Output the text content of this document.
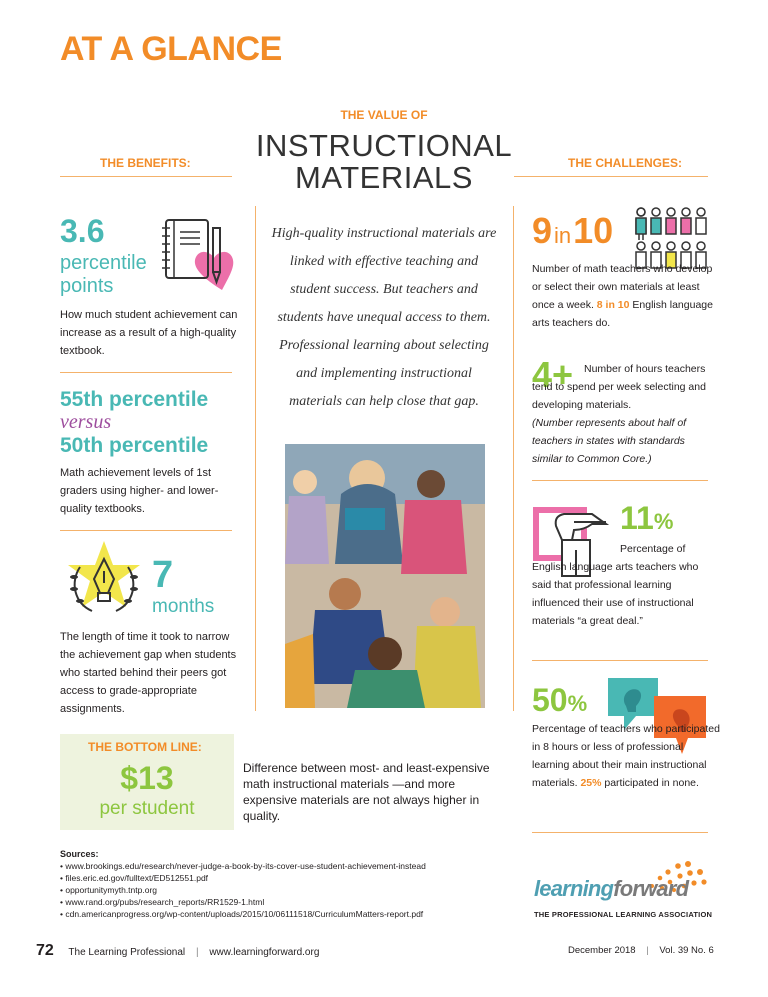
AT A GLANCE
THE BENEFITS:
THE VALUE OF
INSTRUCTIONAL
MATERIALS	THE CHALLENGES:
3.6
percentile
points
How much student achievement can increase as a result of a high-quality textbook.
55th percentile
versus
50th percentile
Math achievement levels of 1st graders using higher- and lower-quality textbooks.
7
months
The length of time it took to narrow the achievement gap when students who started behind their peers got access to grade-appropriate assignments.
High-quality instructional materials are linked with effective teaching and student success. But teachers and students have unequal access to them. Professional learning about selecting and implementing instructional materials can help close that gap.
9in10
Number of math teachers who develop or select their own materials at least once a week. 8 in 10 English language arts teachers do.
4+	Number of hours teachers tend to spend per week selecting and developing materials.
(Number represents about half of teachers in states with standards similar to Common Core.)
11%
Percentage of English language arts teachers who said that professional learning influenced their use of instructional materials “a great deal.”
50%
Percentage of teachers who participated in 8 hours or less of professional learning about their main instructional materials. 25% participated in none.
THE BOTTOM LINE:
$13
per student
Difference between most- and least-expensive math instructional materials —and more expensive materials are not always higher in quality.
Sources:
• www.brookings.edu/research/never-judge-a-book-by-its-cover-use-student-achievement-instead
• files.eric.ed.gov/fulltext/ED512551.pdf
• opportunitymyth.tntp.org
• www.rand.org/pubs/research_reports/RR1529-1.html
• cdn.americanprogress.org/wp-content/uploads/2015/10/06111518/CurriculumMatters-report.pdf
learningforward
THE PROFESSIONAL LEARNING ASSOCIATION
72 The Learning Professional | www.learningforward.org	December 2018 | Vol. 39 No. 6
